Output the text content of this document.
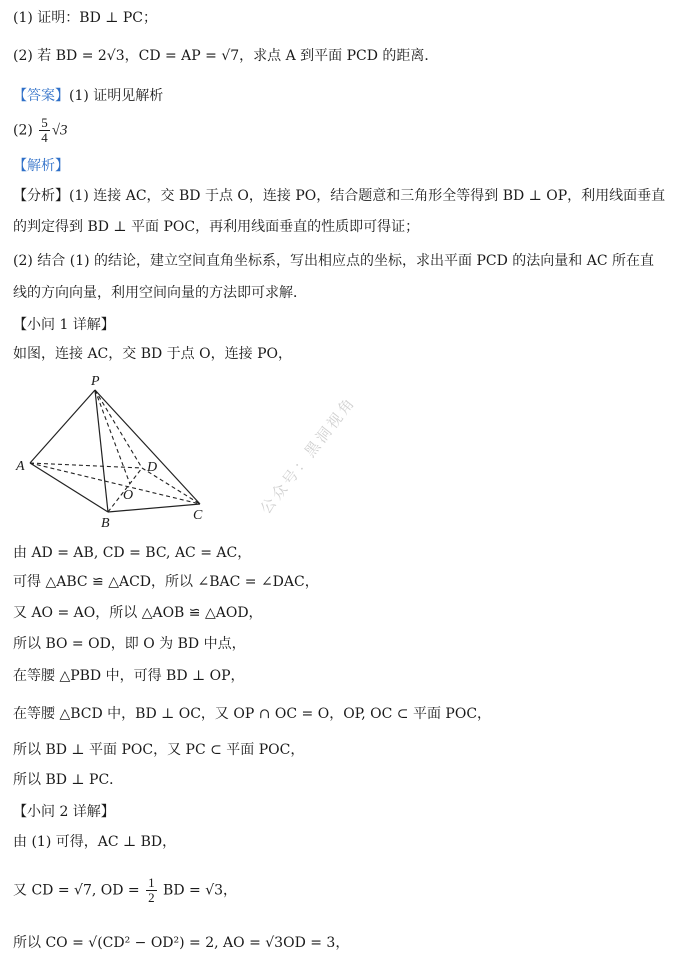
(1) 证明：BD ⊥ PC；
(2) 若 BD = 2√3，CD = AP = √7，求点 A 到平面 PCD 的距离．
【答案】(1) 证明见解析
$(2) \frac{5}{4} √3$
【解析】
【分析】(1) 连接 AC，交 BD 于点 O，连接 PO，结合题意和三角形全等得到 BD ⊥ OP，利用线面垂直
的判定得到 BD ⊥ 平面 POC，再利用线面垂直的性质即可得证；
(2) 结合 (1) 的结论，建立空间直角坐标系，写出相应点的坐标，求出平面 PCD 的法向量和 AC 所在直
线的方向向量，利用空间向量的方法即可求解．
【小问 1 详解】
如图，连接 AC，交 BD 于点 O，连接 PO，
P
A	D
O
B
C	公众号：黑洞视角
由 AD = AB, CD = BC, AC = AC，
可得 △ABC ≌ △ACD，所以 ∠BAC = ∠DAC，
又 AO = AO，所以 △AOB ≌ △AOD，
所以 BO = OD，即 O 为 BD 中点，
在等腰 △PBD 中，可得 BD ⊥ OP，
在等腰 △BCD 中，BD ⊥ OC，又 OP ∩ OC = O，OP, OC ⊂ 平面 POC，
所以 BD ⊥ 平面 POC，又 PC ⊂ 平面 POC，
所以 BD ⊥ PC．
【小问 2 详解】
由 (1) 可得，AC ⊥ BD，
又 CD = √7, OD = $\frac{1}{2}$ BD = √3，
所以 CO = √(CD² − OD²) = 2, AO = √3OD = 3，
